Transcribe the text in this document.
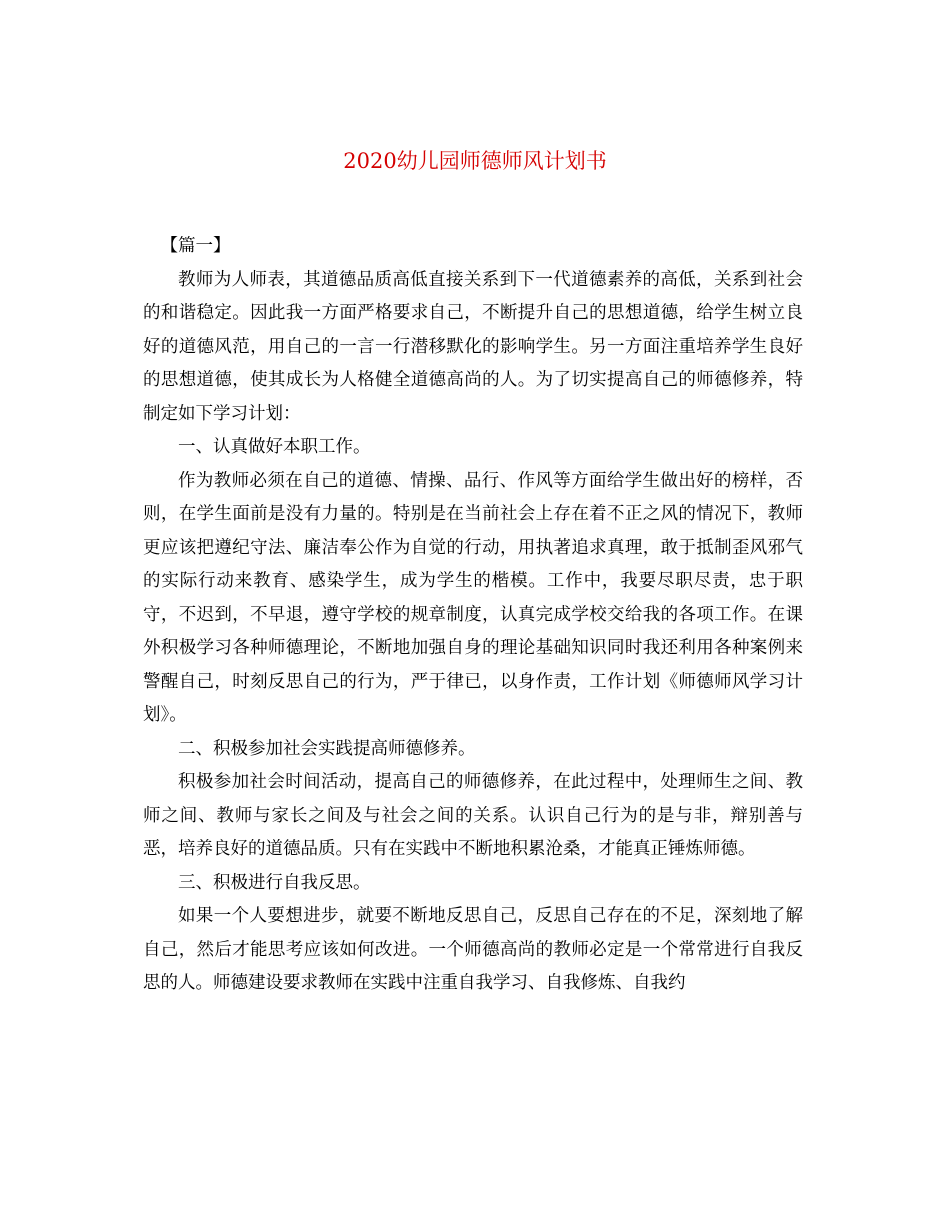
2020幼儿园师德师风计划书

【篇一】

教师为人师表，其道德品质高低直接关系到下一代道德素养的高低，关系到社会的和谐稳定。因此我一方面严格要求自己，不断提升自己的思想道德，给学生树立良好的道德风范，用自己的一言一行潜移默化的影响学生。另一方面注重培养学生良好的思想道德，使其成长为人格健全道德高尚的人。为了切实提高自己的师德修养，特制定如下学习计划：

一、认真做好本职工作。

作为教师必须在自己的道德、情操、品行、作风等方面给学生做出好的榜样，否则，在学生面前是没有力量的。特别是在当前社会上存在着不正之风的情况下，教师更应该把遵纪守法、廉洁奉公作为自觉的行动，用执著追求真理，敢于抵制歪风邪气的实际行动来教育、感染学生，成为学生的楷模。工作中，我要尽职尽责，忠于职守，不迟到，不早退，遵守学校的规章制度，认真完成学校交给我的各项工作。在课外积极学习各种师德理论，不断地加强自身的理论基础知识同时我还利用各种案例来警醒自己，时刻反思自己的行为，严于律已，以身作责，工作计划《师德师风学习计划》。

二、积极参加社会实践提高师德修养。

积极参加社会时间活动，提高自己的师德修养，在此过程中，处理师生之间、教师之间、教师与家长之间及与社会之间的关系。认识自己行为的是与非，辩别善与恶，培养良好的道德品质。只有在实践中不断地积累沧桑，才能真正锤炼师德。

三、积极进行自我反思。

如果一个人要想进步，就要不断地反思自己，反思自己存在的不足，深刻地了解自己，然后才能思考应该如何改进。一个师德高尚的教师必定是一个常常进行自我反思的人。师德建设要求教师在实践中注重自我学习、自我修炼、自我约
